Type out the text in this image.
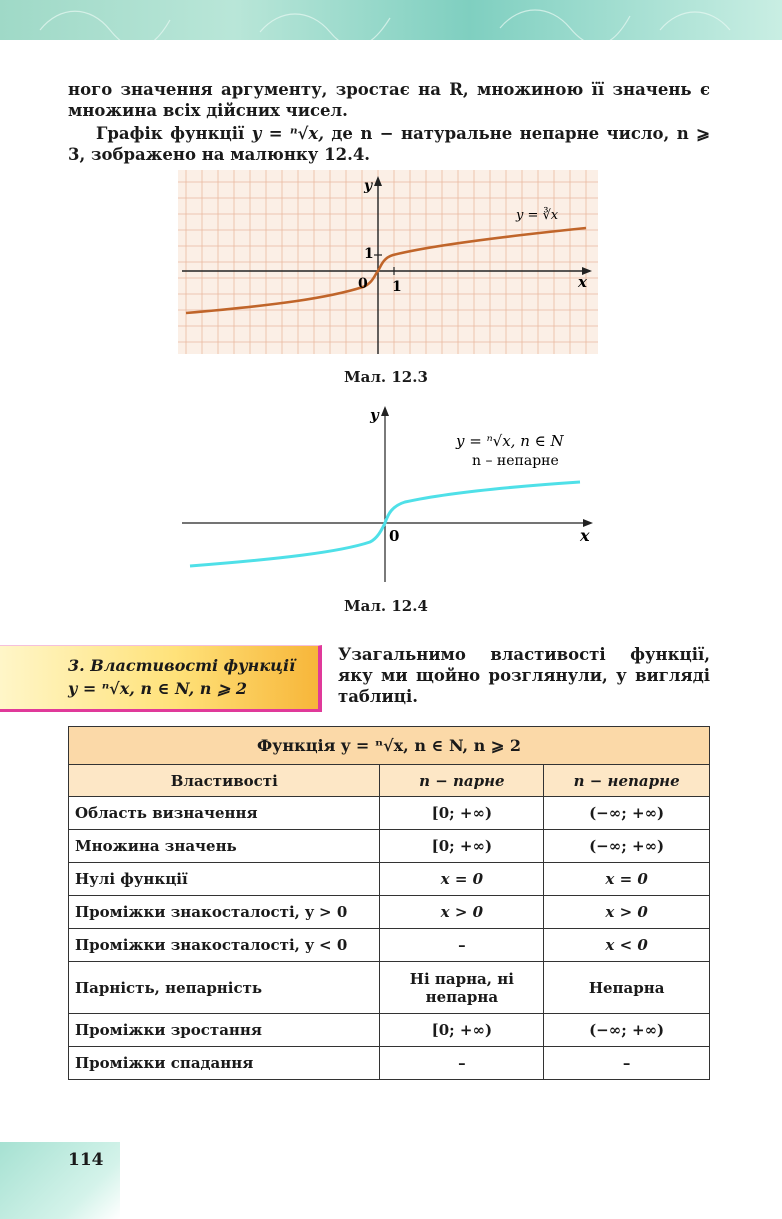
ного значення аргументу, зростає на R, множиною її значень є множина всіх дійсних чисел.

Графік функції y = ⁿ√x, де n − натуральне непарне число, n ⩾ 3, зображено на малюнку 12.4.

y
x
0 1
1
y = ∛x
Мал. 12.3
y
x
0
y = ⁿ√x, n ∈ N
n – непарне
Мал. 12.4
3. Властивості функції
y = ⁿ√x, n ∈ N, n ⩾ 2

Узагальнимо властивості функції, яку ми щойно розглянули, у вигляді таблиці.

Функція y = ⁿ√x, n ∈ N, n ⩾ 2		
Властивості	n − парне	n − непарне
Область визначення	[0; +∞)	(−∞; +∞)
Множина значень	[0; +∞)	(−∞; +∞)
Нулі функції	x = 0	x = 0
Проміжки знакосталості, y > 0	x > 0	x > 0
Проміжки знакосталості, y < 0	–	x < 0
Парність, непарність	Ні парна, ні непарна	Непарна
Проміжки зростання	[0; +∞)	(−∞; +∞)
Проміжки спадання	–	–
114
